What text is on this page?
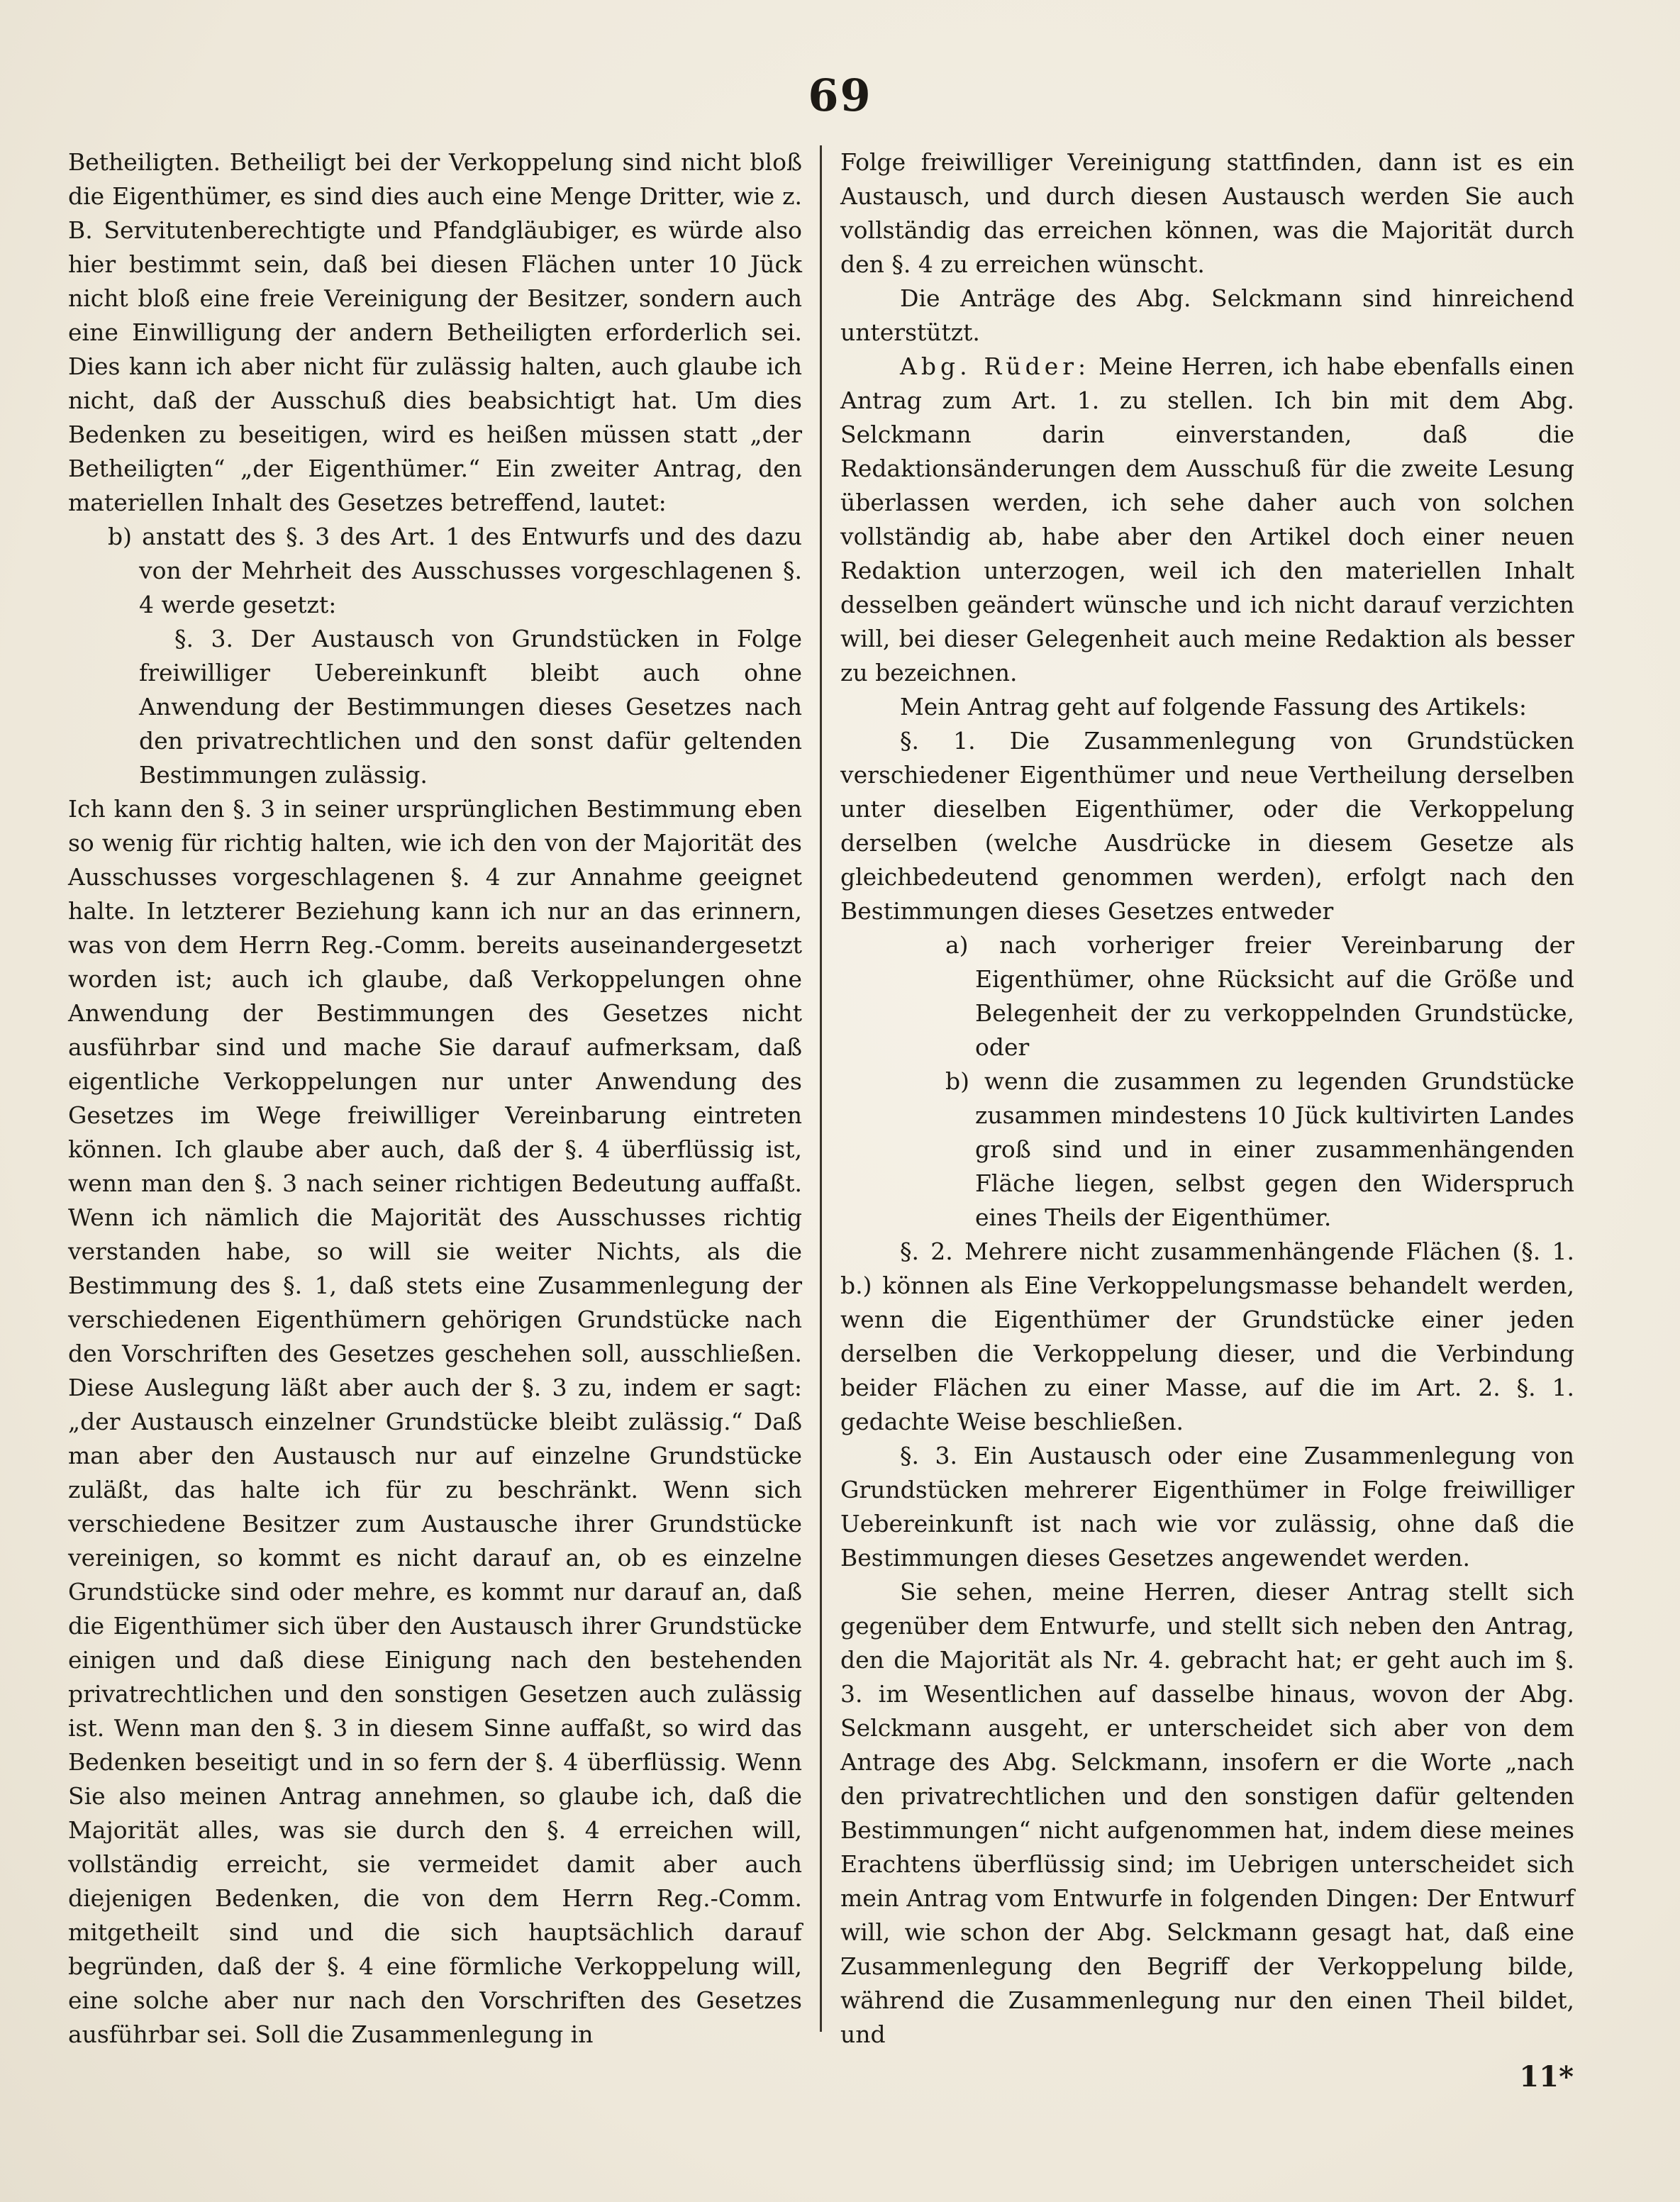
69

Betheiligten. Betheiligt bei der Verkoppelung sind nicht bloß die Eigenthümer, es sind dies auch eine Menge Dritter, wie z. B. Servitutenberechtigte und Pfandgläubiger, es würde also hier bestimmt sein, daß bei diesen Flächen unter 10 Jück nicht bloß eine freie Vereinigung der Besitzer, sondern auch eine Einwilligung der andern Betheiligten erforderlich sei. Dies kann ich aber nicht für zulässig halten, auch glaube ich nicht, daß der Ausschuß dies beabsichtigt hat. Um dies Bedenken zu beseitigen, wird es heißen müssen statt „der Betheiligten“ „der Eigenthümer.“ Ein zweiter Antrag, den materiellen Inhalt des Gesetzes betreffend, lautet:

b) anstatt des §. 3 des Art. 1 des Entwurfs und des dazu von der Mehrheit des Ausschusses vorgeschlagenen §. 4 werde gesetzt:

§. 3. Der Austausch von Grundstücken in Folge freiwilliger Uebereinkunft bleibt auch ohne Anwendung der Bestimmungen dieses Gesetzes nach den privatrechtlichen und den sonst dafür geltenden Bestimmungen zulässig.

Ich kann den §. 3 in seiner ursprünglichen Bestimmung eben so wenig für richtig halten, wie ich den von der Majorität des Ausschusses vorgeschlagenen §. 4 zur Annahme geeignet halte. In letzterer Beziehung kann ich nur an das erinnern, was von dem Herrn Reg.-Comm. bereits auseinandergesetzt worden ist; auch ich glaube, daß Verkoppelungen ohne Anwendung der Bestimmungen des Gesetzes nicht ausführbar sind und mache Sie darauf aufmerksam, daß eigentliche Verkoppelungen nur unter Anwendung des Gesetzes im Wege freiwilliger Vereinbarung eintreten können. Ich glaube aber auch, daß der §. 4 überflüssig ist, wenn man den §. 3 nach seiner richtigen Bedeutung auffaßt. Wenn ich nämlich die Majorität des Ausschusses richtig verstanden habe, so will sie weiter Nichts, als die Bestimmung des §. 1, daß stets eine Zusammenlegung der verschiedenen Eigenthümern gehörigen Grundstücke nach den Vorschriften des Gesetzes geschehen soll, ausschließen. Diese Auslegung läßt aber auch der §. 3 zu, indem er sagt: „der Austausch einzelner Grundstücke bleibt zulässig.“ Daß man aber den Austausch nur auf einzelne Grundstücke zuläßt, das halte ich für zu beschränkt. Wenn sich verschiedene Besitzer zum Austausche ihrer Grundstücke vereinigen, so kommt es nicht darauf an, ob es einzelne Grundstücke sind oder mehre, es kommt nur darauf an, daß die Eigenthümer sich über den Austausch ihrer Grundstücke einigen und daß diese Einigung nach den bestehenden privatrechtlichen und den sonstigen Gesetzen auch zulässig ist. Wenn man den §. 3 in diesem Sinne auffaßt, so wird das Bedenken beseitigt und in so fern der §. 4 überflüssig. Wenn Sie also meinen Antrag annehmen, so glaube ich, daß die Majorität alles, was sie durch den §. 4 erreichen will, vollständig erreicht, sie vermeidet damit aber auch diejenigen Bedenken, die von dem Herrn Reg.-Comm. mitgetheilt sind und die sich hauptsächlich darauf begründen, daß der §. 4 eine förmliche Verkoppelung will, eine solche aber nur nach den Vorschriften des Gesetzes ausführbar sei. Soll die Zusammenlegung in

Folge freiwilliger Vereinigung stattfinden, dann ist es ein Austausch, und durch diesen Austausch werden Sie auch vollständig das erreichen können, was die Majorität durch den §. 4 zu erreichen wünscht.

Die Anträge des Abg. Selckmann sind hinreichend unterstützt.

Abg. Rüder: Meine Herren, ich habe ebenfalls einen Antrag zum Art. 1. zu stellen. Ich bin mit dem Abg. Selckmann darin einverstanden, daß die Redaktionsänderungen dem Ausschuß für die zweite Lesung überlassen werden, ich sehe daher auch von solchen vollständig ab, habe aber den Artikel doch einer neuen Redaktion unterzogen, weil ich den materiellen Inhalt desselben geändert wünsche und ich nicht darauf verzichten will, bei dieser Gelegenheit auch meine Redaktion als besser zu bezeichnen.

Mein Antrag geht auf folgende Fassung des Artikels:

§. 1. Die Zusammenlegung von Grundstücken verschiedener Eigenthümer und neue Vertheilung derselben unter dieselben Eigenthümer, oder die Verkoppelung derselben (welche Ausdrücke in diesem Gesetze als gleichbedeutend genommen werden), erfolgt nach den Bestimmungen dieses Gesetzes entweder

a) nach vorheriger freier Vereinbarung der Eigenthümer, ohne Rücksicht auf die Größe und Belegenheit der zu verkoppelnden Grundstücke, oder

b) wenn die zusammen zu legenden Grundstücke zusammen mindestens 10 Jück kultivirten Landes groß sind und in einer zusammenhängenden Fläche liegen, selbst gegen den Widerspruch eines Theils der Eigenthümer.

§. 2. Mehrere nicht zusammenhängende Flächen (§. 1. b.) können als Eine Verkoppelungsmasse behandelt werden, wenn die Eigenthümer der Grundstücke einer jeden derselben die Verkoppelung dieser, und die Verbindung beider Flächen zu einer Masse, auf die im Art. 2. §. 1. gedachte Weise beschließen.

§. 3. Ein Austausch oder eine Zusammenlegung von Grundstücken mehrerer Eigenthümer in Folge freiwilliger Uebereinkunft ist nach wie vor zulässig, ohne daß die Bestimmungen dieses Gesetzes angewendet werden.

Sie sehen, meine Herren, dieser Antrag stellt sich gegenüber dem Entwurfe, und stellt sich neben den Antrag, den die Majorität als Nr. 4. gebracht hat; er geht auch im §. 3. im Wesentlichen auf dasselbe hinaus, wovon der Abg. Selckmann ausgeht, er unterscheidet sich aber von dem Antrage des Abg. Selckmann, insofern er die Worte „nach den privatrechtlichen und den sonstigen dafür geltenden Bestimmungen“ nicht aufgenommen hat, indem diese meines Erachtens überflüssig sind; im Uebrigen unterscheidet sich mein Antrag vom Entwurfe in folgenden Dingen: Der Entwurf will, wie schon der Abg. Selckmann gesagt hat, daß eine Zusammenlegung den Begriff der Verkoppelung bilde, während die Zusammenlegung nur den einen Theil bildet, und

11*
